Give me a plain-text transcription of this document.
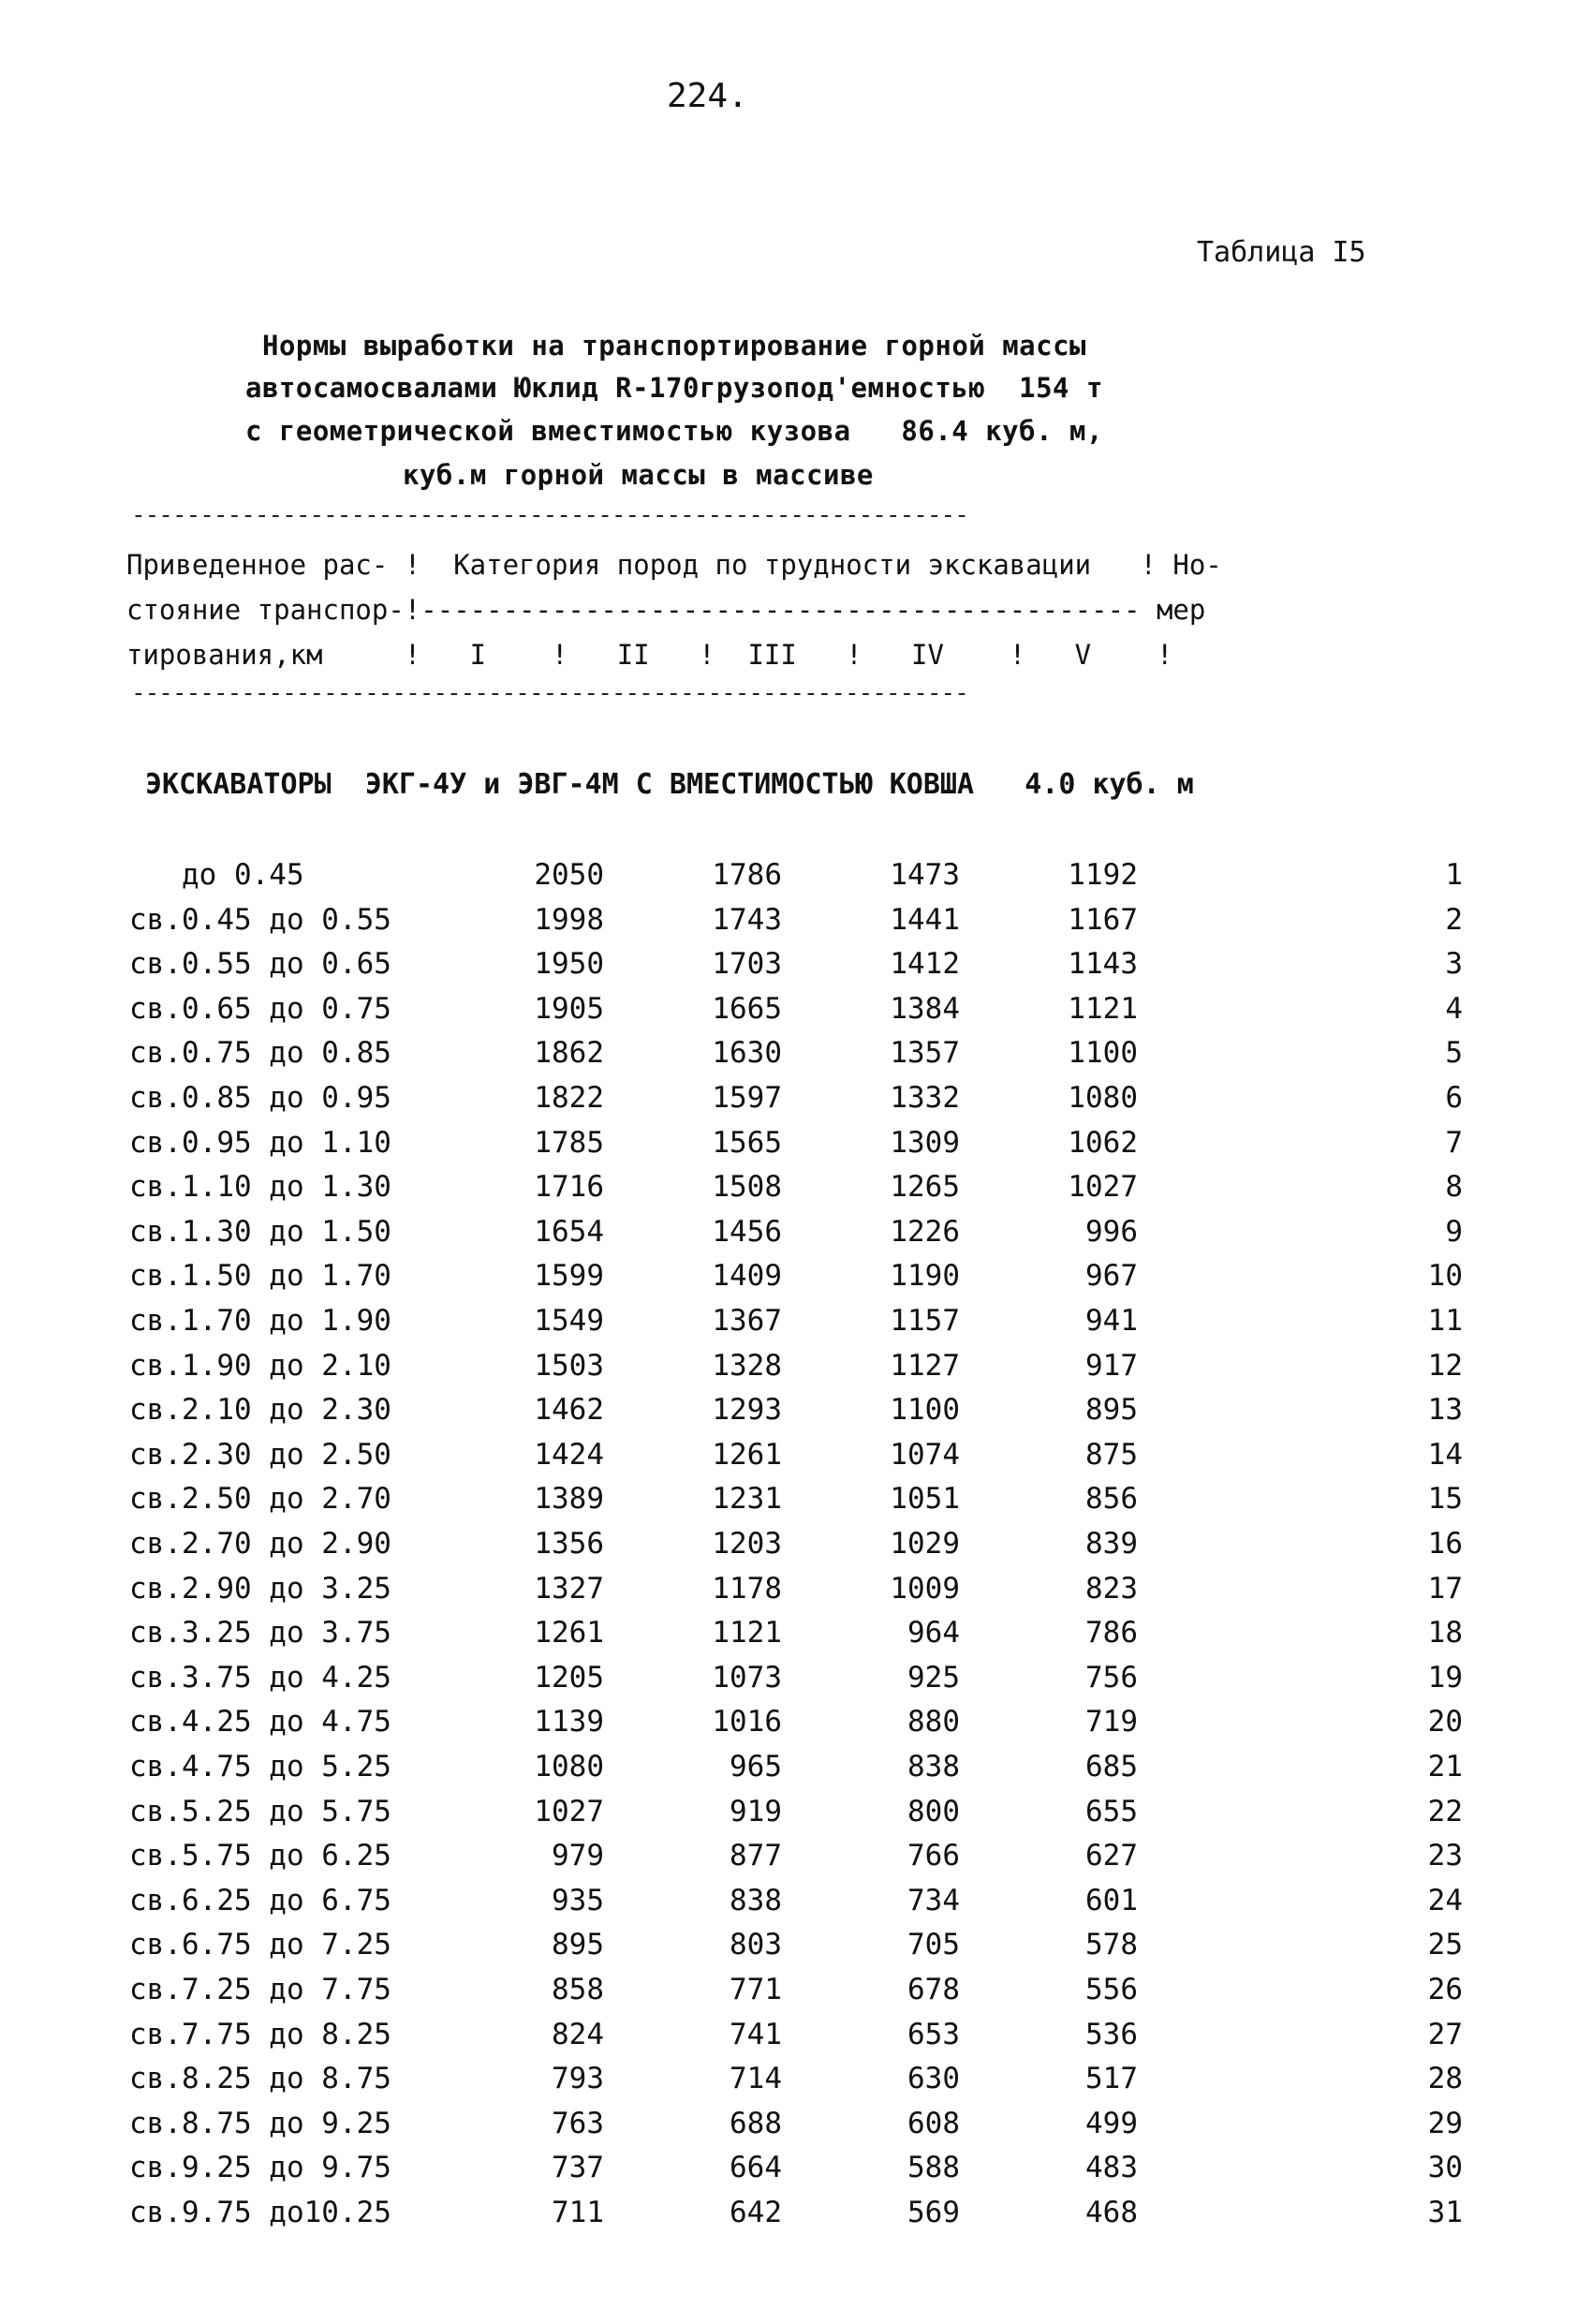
224.
Таблица I5
Нормы выработки на транспортирование горной массы
автосамосвалами Юклид R-170грузопод'емностью  154 т
с геометрической вместимостью кузова   86.4 куб. м,
куб.м горной массы в массиве
-------------------------------------------------------------
Приведенное рас- !  Категория пород по трудности экскавации   ! Но-
стояние транспор-!-------------------------------------------- мер
тирования,км     !   I    !   II   !  III   !   IV    !   V    !
-------------------------------------------------------------
ЭКСКАВАТОРЫ  ЭКГ-4У и ЭВГ-4М С ВМЕСТИМОСТЬЮ КОВША   4.0 куб. м
до 0.45	2050	1786	1473	1192	1
св.0.45 до 0.55	1998	1743	1441	1167	2
св.0.55 до 0.65	1950	1703	1412	1143	3
св.0.65 до 0.75	1905	1665	1384	1121	4
св.0.75 до 0.85	1862	1630	1357	1100	5
св.0.85 до 0.95	1822	1597	1332	1080	6
св.0.95 до 1.10	1785	1565	1309	1062	7
св.1.10 до 1.30	1716	1508	1265	1027	8
св.1.30 до 1.50	1654	1456	1226	996	9
св.1.50 до 1.70	1599	1409	1190	967	10
св.1.70 до 1.90	1549	1367	1157	941	11
св.1.90 до 2.10	1503	1328	1127	917	12
св.2.10 до 2.30	1462	1293	1100	895	13
св.2.30 до 2.50	1424	1261	1074	875	14
св.2.50 до 2.70	1389	1231	1051	856	15
св.2.70 до 2.90	1356	1203	1029	839	16
св.2.90 до 3.25	1327	1178	1009	823	17
св.3.25 до 3.75	1261	1121	964	786	18
св.3.75 до 4.25	1205	1073	925	756	19
св.4.25 до 4.75	1139	1016	880	719	20
св.4.75 до 5.25	1080	965	838	685	21
св.5.25 до 5.75	1027	919	800	655	22
св.5.75 до 6.25	979	877	766	627	23
св.6.25 до 6.75	935	838	734	601	24
св.6.75 до 7.25	895	803	705	578	25
св.7.25 до 7.75	858	771	678	556	26
св.7.75 до 8.25	824	741	653	536	27
св.8.25 до 8.75	793	714	630	517	28
св.8.75 до 9.25	763	688	608	499	29
св.9.25 до 9.75	737	664	588	483	30
св.9.75 до10.25	711	642	569	468	31
